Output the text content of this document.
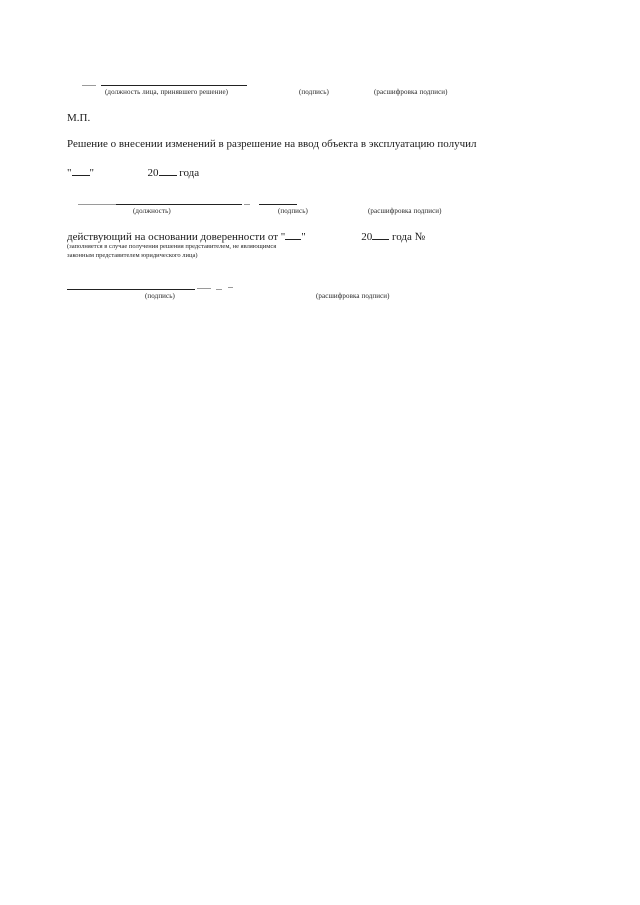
(должность лица, принявшего решение)	(подпись)	(расшифровка подписи)
М.П.
Решение о внесении изменений в разрешение на ввод объекта в эксплуатацию получил
" "	20 года
(должность)	(подпись)	(расшифровка подписи)
действующий на основании доверенности от " "	20 года №
(заполняется в случае получения решения представителем, не являющимся
законным представителем юридического лица)
(подпись)	(расшифровка подписи)
